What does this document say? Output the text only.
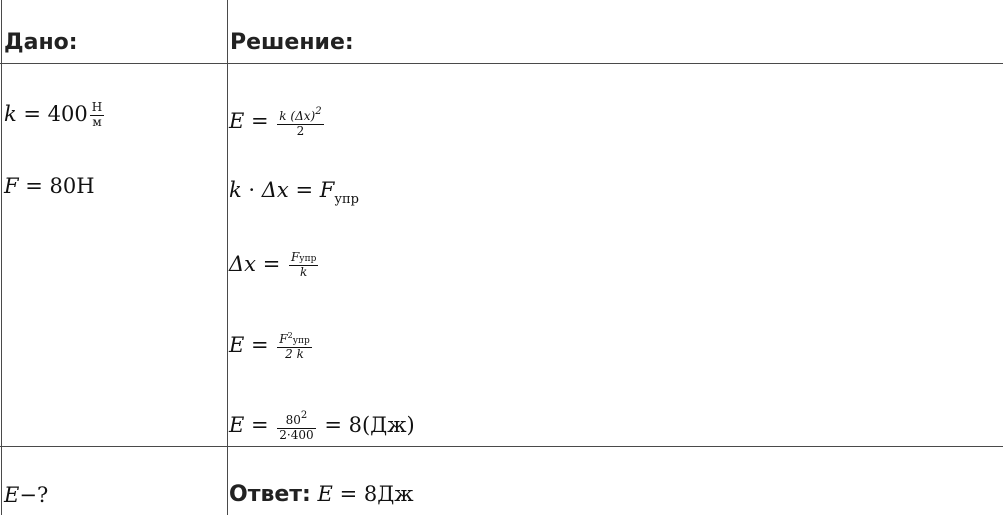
Дано:	Решение:
$k = 400 \frac{Н}{м}$
F = 80Н
$E = \frac{k (\Delta x)^2}{2}$
$k \cdot \Delta x = F_{упр}$
$\Delta x = \frac{\text{Fупр}}{k}$
$E = \frac{F^2упр}{2 k}$
$E = \frac{80^2}{2\cdot 400} = 8(Дж)$
E−?	Ответ: E = 8Дж
